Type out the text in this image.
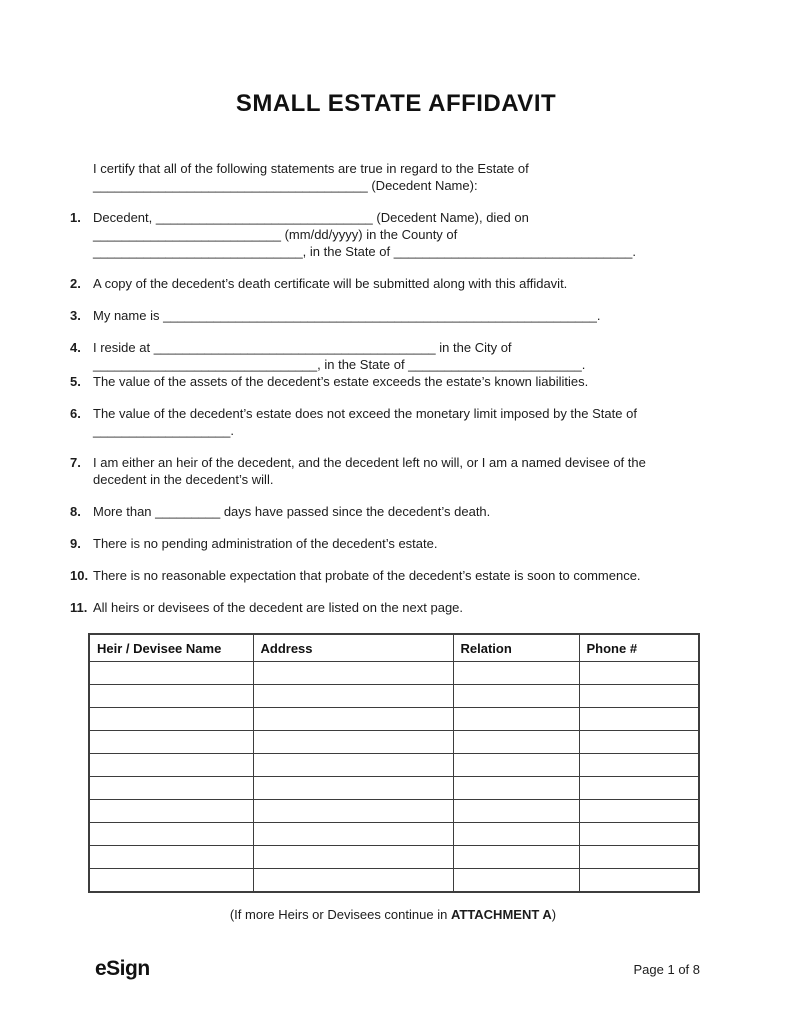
SMALL ESTATE AFFIDAVIT
I certify that all of the following statements are true in regard to the Estate of
______________________________________ (Decedent Name):
1. Decedent, ______________________________ (Decedent Name), died on
__________________________ (mm/dd/yyyy) in the County of
_____________________________, in the State of _________________________________.
2. A copy of the decedent’s death certificate will be submitted along with this affidavit.
3. My name is ____________________________________________________________.
4. I reside at _______________________________________ in the City of
_______________________________, in the State of ________________________.
5. The value of the assets of the decedent’s estate exceeds the estate’s known liabilities.
6. The value of the decedent’s estate does not exceed the monetary limit imposed by the State of
___________________.
7. I am either an heir of the decedent, and the decedent left no will, or I am a named devisee of the
decedent in the decedent’s will.
8. More than _________ days have passed since the decedent’s death.
9. There is no pending administration of the decedent’s estate.
10. There is no reasonable expectation that probate of the decedent’s estate is soon to commence.
11. All heirs or devisees of the decedent are listed on the next page.
Heir / Devisee Name	Address	Relation	Phone #

(If more Heirs or Devisees continue in ATTACHMENT A)
eSign	Page 1 of 8
